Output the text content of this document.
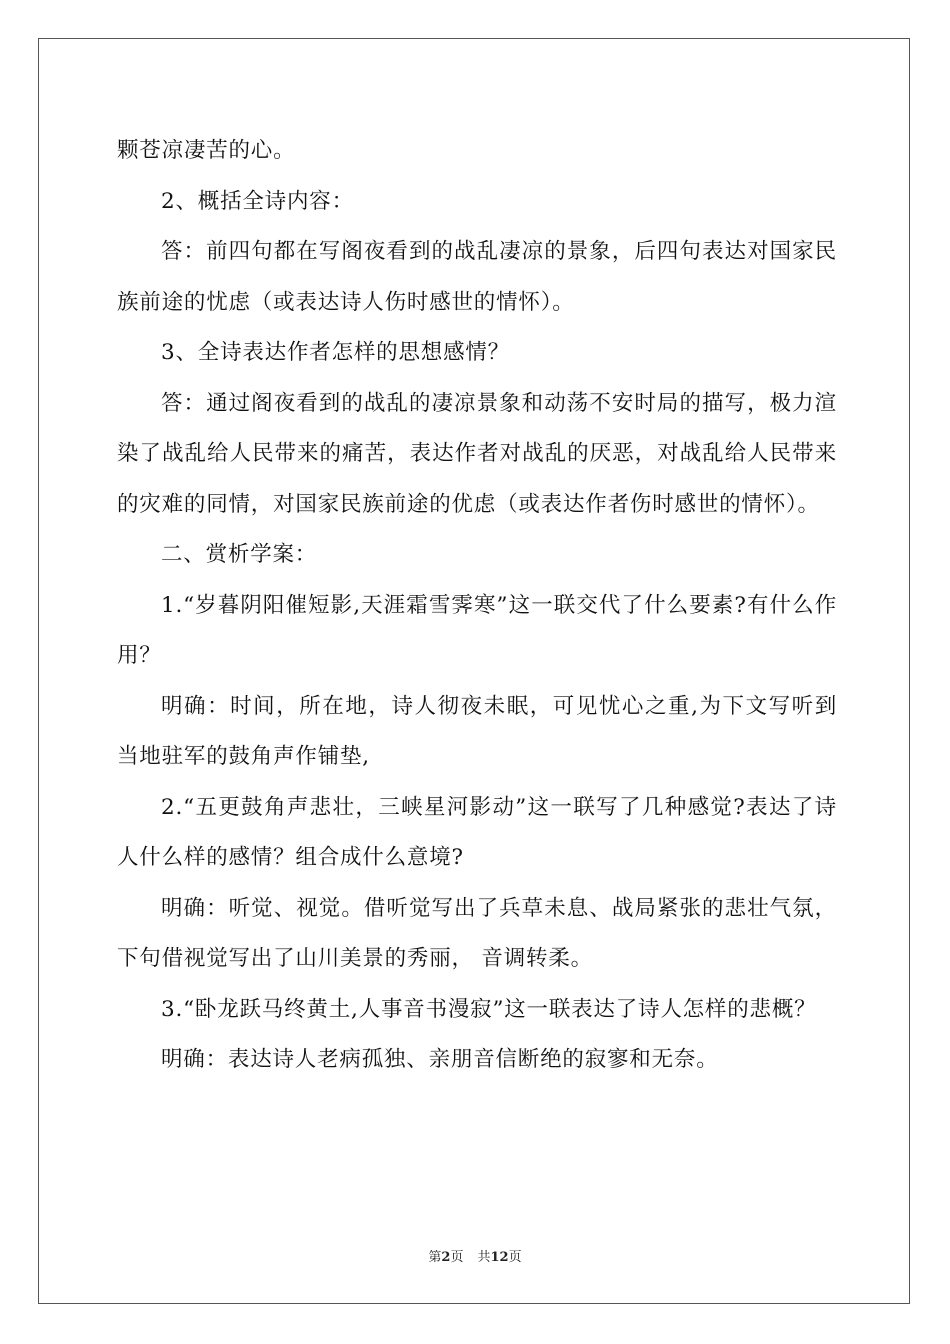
颗苍凉凄苦的心。

2、概括全诗内容：

答：前四句都在写阁夜看到的战乱凄凉的景象，后四句表达对国家民族前途的忧虑（或表达诗人伤时感世的情怀）。

3、全诗表达作者怎样的思想感情？

答：通过阁夜看到的战乱的凄凉景象和动荡不安时局的描写，极力渲染了战乱给人民带来的痛苦，表达作者对战乱的厌恶，对战乱给人民带来的灾难的同情，对国家民族前途的优虑（或表达作者伤时感世的情怀）。

二、赏析学案：

1.“岁暮阴阳催短影,天涯霜雪霁寒”这一联交代了什么要素?有什么作用？

明确：时间，所在地，诗人彻夜未眠，可见忧心之重,为下文写听到当地驻军的鼓角声作铺垫,

2.“五更鼓角声悲壮，三峡星河影动”这一联写了几种感觉?表达了诗人什么样的感情？组合成什么意境?

明确：听觉、视觉。借听觉写出了兵草未息、战局紧张的悲壮气氛，下句借视觉写出了山川美景的秀丽， 音调转柔。

3.“卧龙跃马终黄土,人事音书漫寂”这一联表达了诗人怎样的悲概？

明确：表达诗人老病孤独、亲朋音信断绝的寂寥和无奈。

第2页 共12页
